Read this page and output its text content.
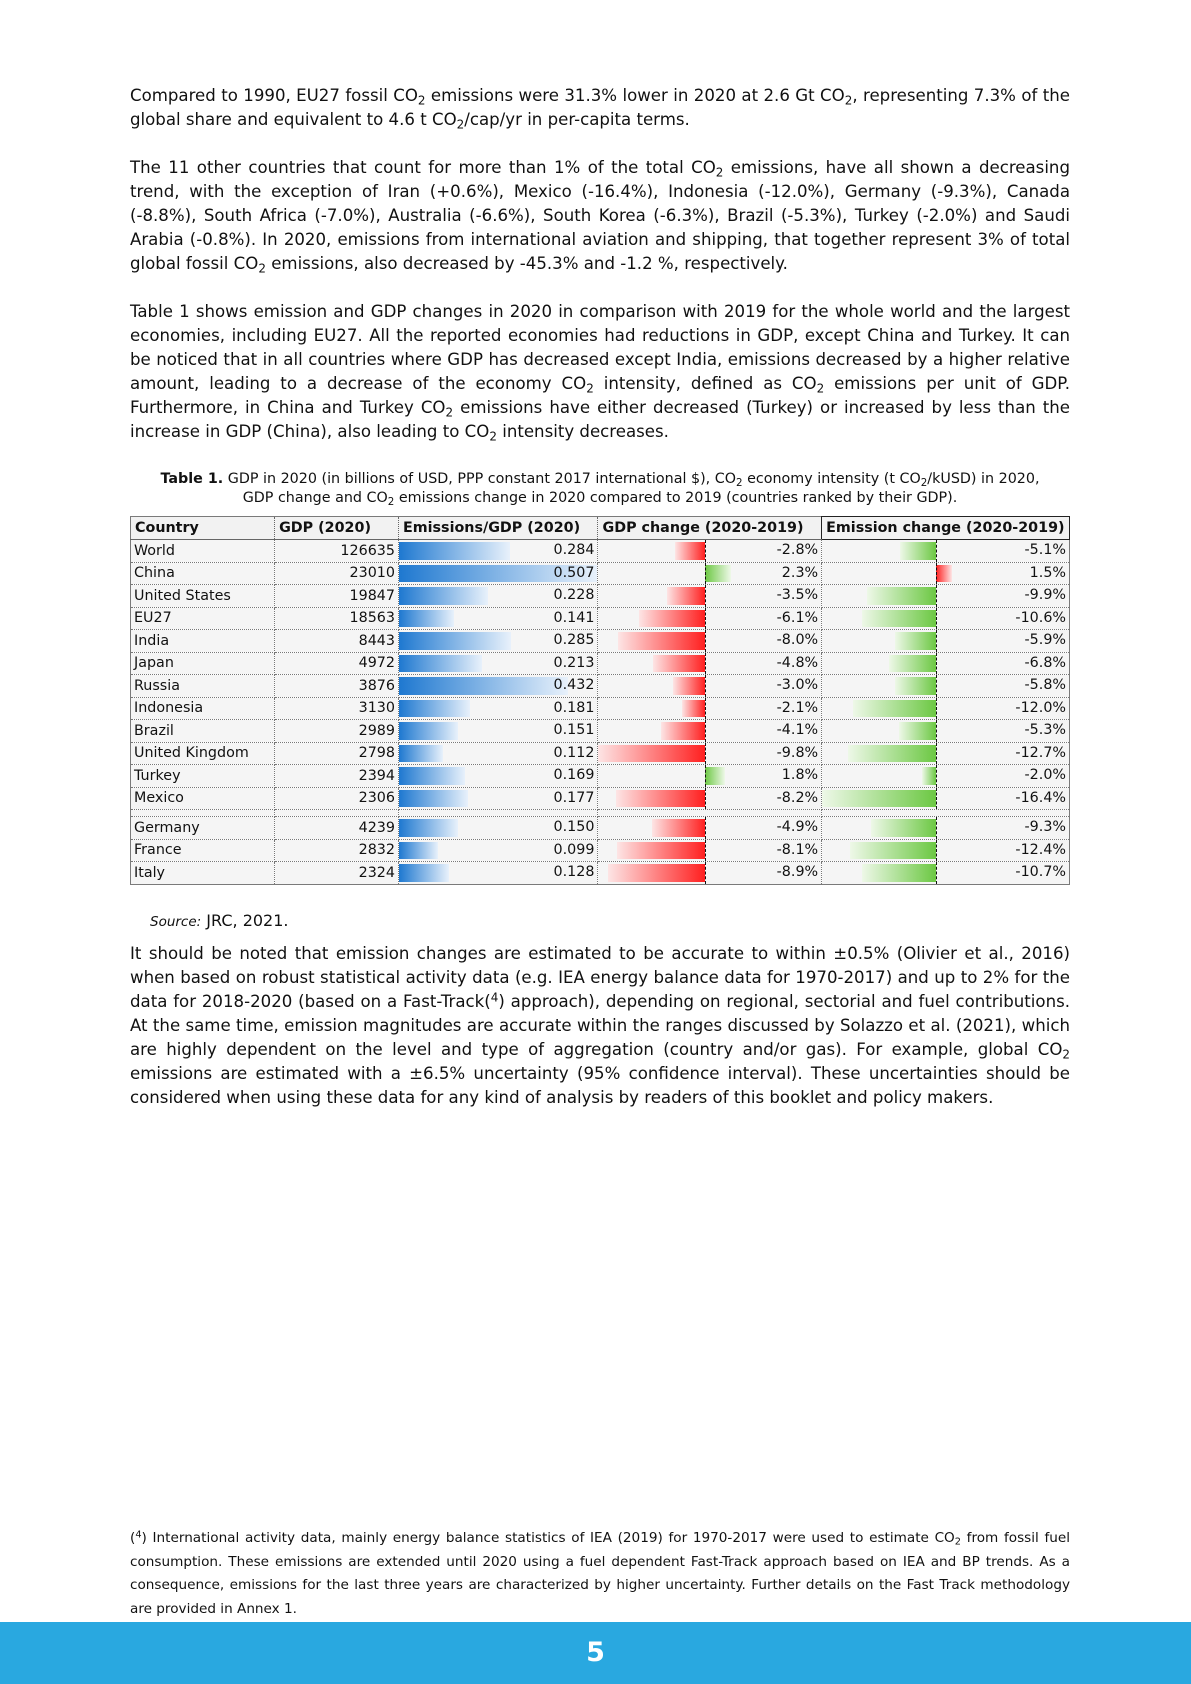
Compared to 1990, EU27 fossil $CO_2$ emissions were 31.3% lower in 2020 at 2.6 Gt $CO_2$, representing 7.3% of the global share and equivalent to 4.6 t $CO_2/cap/yr$ in per-capita terms.

The 11 other countries that count for more than 1% of the total $CO_2$ emissions, have all shown a decreasing trend, with the exception of Iran (+0.6%), Mexico (-16.4%), Indonesia (-12.0%), Germany (-9.3%), Canada (-8.8%), South Africa (-7.0%), Australia (-6.6%), South Korea (-6.3%), Brazil (-5.3%), Turkey (-2.0%) and Saudi Arabia (-0.8%). In 2020, emissions from international aviation and shipping, that together represent 3% of total global fossil $CO_2$ emissions, also decreased by -45.3% and -1.2 %, respectively.

Table 1 shows emission and GDP changes in 2020 in comparison with 2019 for the whole world and the largest economies, including EU27. All the reported economies had reductions in GDP, except China and Turkey. It can be noticed that in all countries where GDP has decreased except India, emissions decreased by a higher relative amount, leading to a decrease of the economy $CO_2$ intensity, defined as $CO_2$ emissions per unit of GDP. Furthermore, in China and Turkey $CO_2$ emissions have either decreased (Turkey) or increased by less than the increase in GDP (China), also leading to $CO_2$ intensity decreases.

Table 1. GDP in 2020 (in billions of USD, PPP constant 2017 international $), $CO_2$ economy intensity (t $CO_2/kUSD$) in 2020, GDP change and $CO_2$ emissions change in 2020 compared to 2019 (countries ranked by their GDP).
Country	GDP (2020)	Emissions/GDP (2020)	GDP change (2020-2019)	Emission change (2020-2019)
World	126635	0.284	-2.8%	-5.1%

China	23010	0.507	2.3%	1.5%

United States	19847	0.228	-3.5%	-9.9%

EU27	18563	0.141	-6.1%	-10.6%

India	8443	0.285	-8.0%	-5.9%

Japan	4972	0.213	-4.8%	-6.8%

Russia	3876	0.432	-3.0%	-5.8%

Indonesia	3130	0.181	-2.1%	-12.0%

Brazil	2989	0.151	-4.1%	-5.3%

United Kingdom	2798	0.112	-9.8%	-12.7%

Turkey	2394	0.169	1.8%	-2.0%

Mexico	2306	0.177	-8.2%	-16.4%

Germany	4239	0.150	-4.9%	-9.3%

France	2832	0.099	-8.1%	-12.4%

Italy	2324	0.128	-8.9%	-10.7%
Source: JRC, 2021.

It should be noted that emission changes are estimated to be accurate to within ±0.5% (Olivier et al., 2016) when based on robust statistical activity data (e.g. IEA energy balance data for 1970-2017) and up to 2% for the data for 2018-2020 (based on a Fast-Track($^4$) approach), depending on regional, sectorial and fuel contributions. At the same time, emission magnitudes are accurate within the ranges discussed by Solazzo et al. (2021), which are highly dependent on the level and type of aggregation (country and/or gas). For example, global $CO_2$ emissions are estimated with a ±6.5% uncertainty (95% confidence interval). These uncertainties should be considered when using these data for any kind of analysis by readers of this booklet and policy makers.

($^4$) International activity data, mainly energy balance statistics of IEA (2019) for 1970-2017 were used to estimate $CO_2$ from fossil fuel consumption. These emissions are extended until 2020 using a fuel dependent Fast-Track approach based on IEA and BP trends. As a consequence, emissions for the last three years are characterized by higher uncertainty. Further details on the Fast Track methodology are provided in Annex 1.
5
